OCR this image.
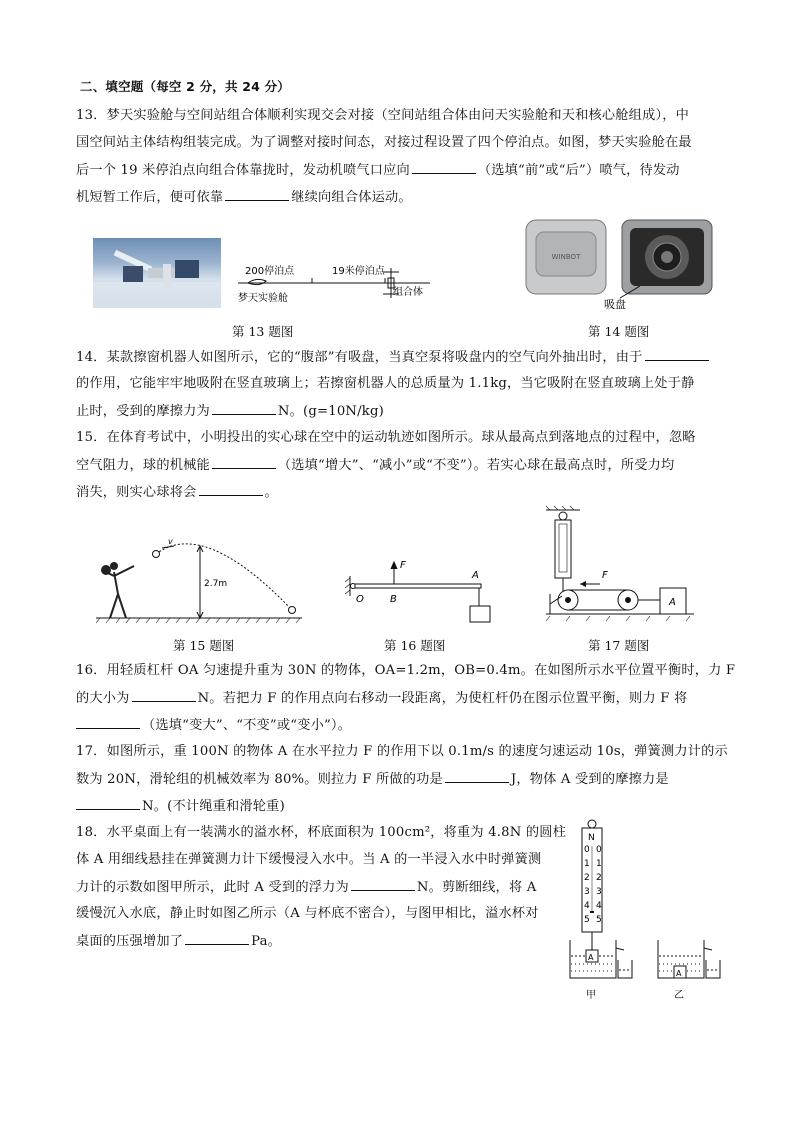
二、填空题（每空 2 分，共 24 分）
13．梦天实验舱与空间站组合体顺利实现交会对接（空间站组合体由问天实验舱和天和核心舱组成），中
国空间站主体结构组装完成。为了调整对接时间态，对接过程设置了四个停泊点。如图，梦天实验舱在最
后一个 19 米停泊点向组合体靠拢时，发动机喷气口应向	（选填“前”或“后”）喷气，待发动
机短暂工作后，便可依靠	继续向组合体运动。
200停泊点	19米停泊点
梦天实验舱
组合体
第 13 题图
WINBOT
吸盘
第 14 题图
14．某款擦窗机器人如图所示，它的“腹部”有吸盘，当真空泵将吸盘内的空气向外抽出时，由于
的作用，它能牢牢地吸附在竖直玻璃上；若擦窗机器人的总质量为 1.1kg，当它吸附在竖直玻璃上处于静
止时，受到的摩擦力为	N。(g=10N/kg)
15．在体育考试中，小明投出的实心球在空中的运动轨迹如图所示。球从最高点到落地点的过程中，忽略
空气阻力，球的机械能	（选填“增大”、“减小”或“不变”）。若实心球在最高点时，所受力均
消失，则实心球将会	。
v
2.7m
第 15 题图
F
A
O	B
第 16 题图
F
A
第 17 题图
16．用轻质杠杆 OA 匀速提升重为 30N 的物体，OA=1.2m，OB=0.4m。在如图所示水平位置平衡时，力 F
的大小为	N。若把力 F 的作用点向右移动一段距离，为使杠杆仍在图示位置平衡，则力 F 将
（选填“变大”、“不变”或“变小”）。
17．如图所示，重 100N 的物体 A 在水平拉力 F 的作用下以 0.1m/s 的速度匀速运动 10s，弹簧测力计的示
数为 20N，滑轮组的机械效率为 80%。则拉力 F 所做的功是	J，物体 A 受到的摩擦力是
N。(不计绳重和滑轮重)
18．水平桌面上有一装满水的溢水杯，杯底面积为 100cm²，将重为 4.8N 的圆柱
体 A 用细线悬挂在弹簧测力计下缓慢浸入水中。当 A 的一半浸入水中时弹簧测
力计的示数如图甲所示，此时 A 受到的浮力为	N。剪断细线，将 A
缓慢沉入水底，静止时如图乙所示（A 与杯底不密合），与图甲相比，溢水杯对
桌面的压强增加了	Pa。
N
0
1
2
3
4
5
0
1
2
3
4
5
A
甲
A
乙
